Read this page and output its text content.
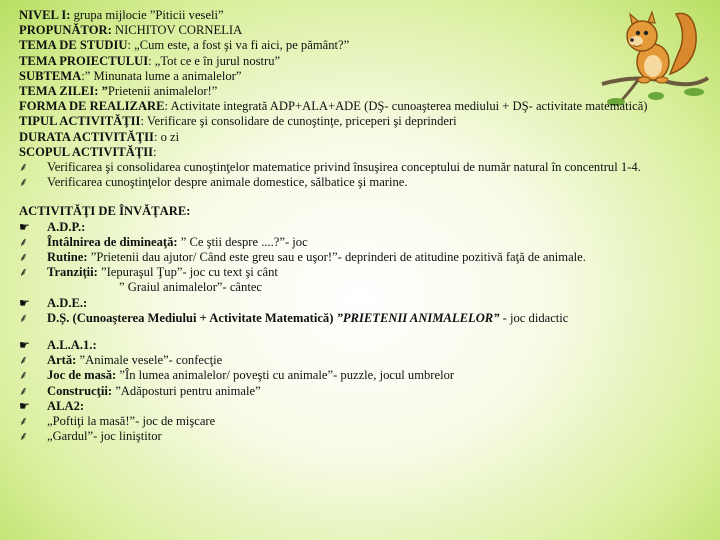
NIVEL I: grupa mijlocie ”Piticii veseli”
PROPUNĂTOR: NICHITOV CORNELIA
TEMA DE STUDIU: „Cum este, a fost şi va fi aici, pe pământ?”
TEMA PROIECTULUI: „Tot ce e în jurul nostru”
SUBTEMA:” Minunata lume a animalelor”
TEMA ZILEI: ”Prietenii animalelor!”
FORMA DE REALIZARE: Activitate integrată ADP+ALA+ADE (DŞ- cunoaşterea mediului + DŞ- activitate matematică)
TIPUL ACTIVITĂŢII: Verificare şi consolidare de cunoştinţe, priceperi şi deprinderi
DURATA ACTIVITĂŢII: o zi
SCOPUL ACTIVITĂŢII:
⸙ Verificarea şi consolidarea cunoştinţelor matematice privind însuşirea conceptului de număr natural în concentrul 1-4.
⸙ Verificarea cunoştinţelor despre animale domestice, sălbatice şi marine.
ACTIVITĂŢI DE ÎNVĂŢARE:
☛ A.D.P.:
⸙ Întâlnirea de dimineaţă: ” Ce ştii despre ....?”- joc
⸙ Rutine: ”Prietenii dau ajutor/ Când este greu sau e uşor!”- deprinderi de atitudine pozitivă faţă de animale.
⸙ Tranziţii: ”Iepuraşul Ţup”- joc cu text şi cânt
” Graiul animalelor”- cântec
☛ A.D.E.:
⸙ D.Ș. (Cunoaşterea Mediului + Activitate Matematică) ”PRIETENII ANIMALELOR” - joc didactic
☛ A.L.A.1.:
⸙ Artă: ”Animale vesele”- confecţie
⸙ Joc de masă: ”În lumea animalelor/ poveşti cu animale”- puzzle, jocul umbrelor
⸙ Construcţii: ”Adăposturi pentru animale”
☛ ALA2:
⸙ „Poftiţi la masă!”- joc de mişcare
⸙ „Gardul”- joc liniştitor
